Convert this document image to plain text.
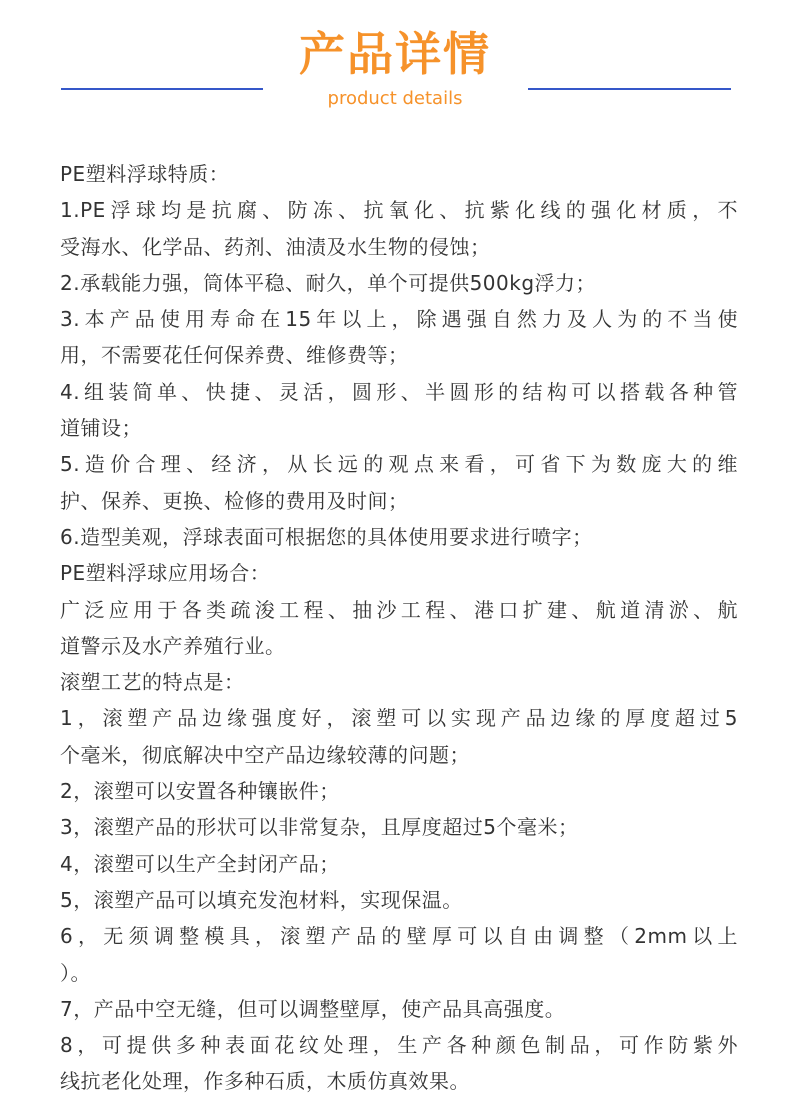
产品详情
product details
PE塑料浮球特质：
1.PE浮球均是抗腐、防冻、抗氧化、抗紫化线的强化材质，不
受海水、化学品、药剂、油渍及水生物的侵蚀；
2.承载能力强，筒体平稳、耐久，单个可提供500kg浮力；
3.本产品使用寿命在15年以上，除遇强自然力及人为的不当使
用，不需要花任何保养费、维修费等；
4.组装简单、快捷、灵活，圆形、半圆形的结构可以搭载各种管
道铺设；
5.造价合理、经济，从长远的观点来看，可省下为数庞大的维
护、保养、更换、检修的费用及时间；
6.造型美观，浮球表面可根据您的具体使用要求进行喷字；
PE塑料浮球应用场合：
广泛应用于各类疏浚工程、抽沙工程、港口扩建、航道清淤、航
道警示及水产养殖行业。
滚塑工艺的特点是：
1，滚塑产品边缘强度好，滚塑可以实现产品边缘的厚度超过5
个毫米，彻底解决中空产品边缘较薄的问题；
2，滚塑可以安置各种镶嵌件；
3，滚塑产品的形状可以非常复杂，且厚度超过5个毫米；
4，滚塑可以生产全封闭产品；
5，滚塑产品可以填充发泡材料，实现保温。
6，无须调整模具，滚塑产品的壁厚可以自由调整（2mm以上
）。
7，产品中空无缝，但可以调整壁厚，使产品具高强度。
8，可提供多种表面花纹处理，生产各种颜色制品，可作防紫外
线抗老化处理，作多种石质，木质仿真效果。
